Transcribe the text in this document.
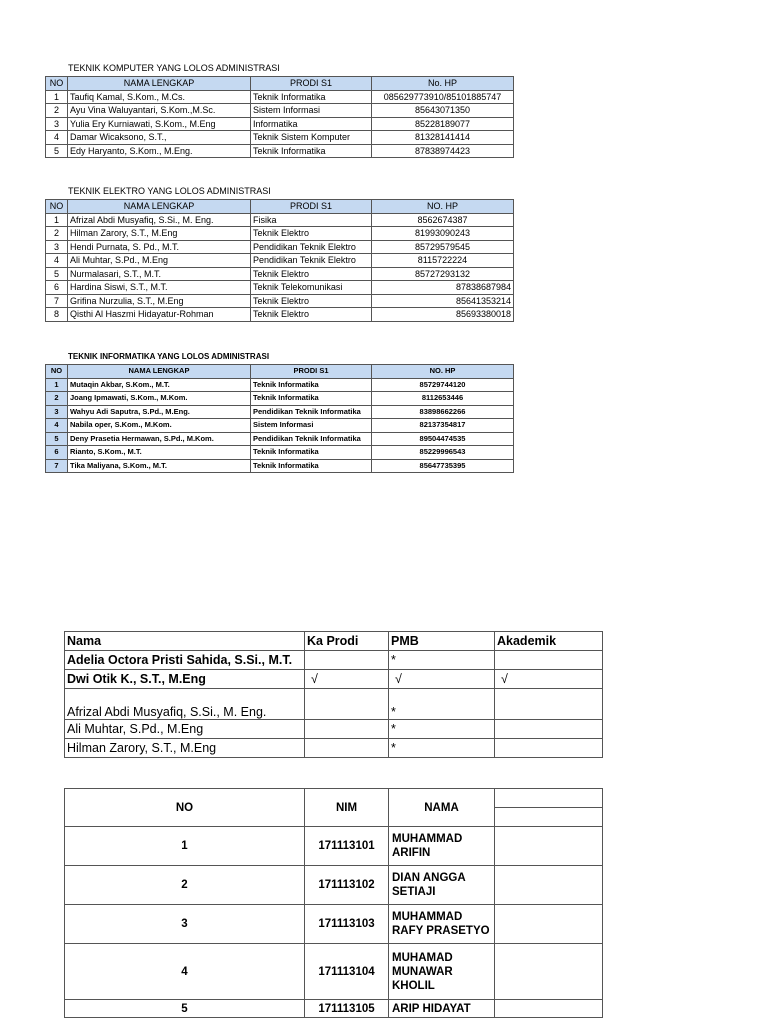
TEKNIK KOMPUTER YANG LOLOS ADMINISTRASI
NO	NAMA LENGKAP	PRODI S1	No. HP
1	Taufiq Kamal, S.Kom., M.Cs.	Teknik Informatika	085629773910/85101885747
2	Ayu Vina Waluyantari, S.Kom.,M.Sc.	Sistem Informasi	85643071350
3	Yulia Ery Kurniawati, S.Kom., M.Eng	Informatika	85228189077
4	Damar Wicaksono, S.T.,	Teknik Sistem Komputer	81328141414
5	Edy Haryanto, S.Kom., M.Eng.	Teknik Informatika	87838974423
TEKNIK ELEKTRO YANG LOLOS ADMINISTRASI
NO	NAMA LENGKAP	PRODI S1	NO. HP
1	Afrizal Abdi Musyafiq, S.Si., M. Eng.	Fisika	8562674387
2	Hilman Zarory, S.T., M.Eng	Teknik Elektro	81993090243
3	Hendi Purnata, S. Pd., M.T.	Pendidikan Teknik Elektro	85729579545
4	Ali Muhtar, S.Pd., M.Eng	Pendidikan Teknik Elektro	8115722224
5	Nurmalasari, S.T., M.T.	Teknik Elektro	85727293132
6	Hardina Siswi, S.T., M.T.	Teknik Telekomunikasi	87838687984
7	Grifina Nurzulia, S.T., M.Eng	Teknik Elektro	85641353214
8	Qisthi Al Haszmi Hidayatur-Rohman	Teknik Elektro	85693380018
TEKNIK INFORMATIKA YANG LOLOS ADMINISTRASI
NO	NAMA LENGKAP	PRODI S1	NO. HP
1	Mutaqin Akbar, S.Kom., M.T.	Teknik Informatika	85729744120
2	Joang Ipmawati, S.Kom., M.Kom.	Teknik Informatika	8112653446
3	Wahyu Adi Saputra, S.Pd., M.Eng.	Pendidikan Teknik Informatika	83898662266
4	Nabila oper, S.Kom., M.Kom.	Sistem Informasi	82137354817
5	Deny Prasetia Hermawan, S.Pd., M.Kom.	Pendidikan Teknik Informatika	89504474535
6	Rianto, S.Kom., M.T.	Teknik Informatika	85229996543
7	Tika Maliyana, S.Kom., M.T.	Teknik Informatika	85647735395
Nama	Ka Prodi	PMB	Akademik
Adelia Octora Pristi Sahida, S.Si., M.T.		*	
Dwi Otik K., S.T., M.Eng	√	√	√
Afrizal Abdi Musyafiq, S.Si., M. Eng.		*	
Ali Muhtar, S.Pd., M.Eng		*	
Hilman Zarory, S.T., M.Eng		*	
NO	NIM	NAMA	

1	171113101	MUHAMMAD
ARIFIN	
2	171113102	DIAN ANGGA
SETIAJI	
3	171113103	MUHAMMAD
RAFY PRASETYO	
4	171113104	MUHAMAD
MUNAWAR
KHOLIL	
5	171113105	ARIP HIDAYAT	
